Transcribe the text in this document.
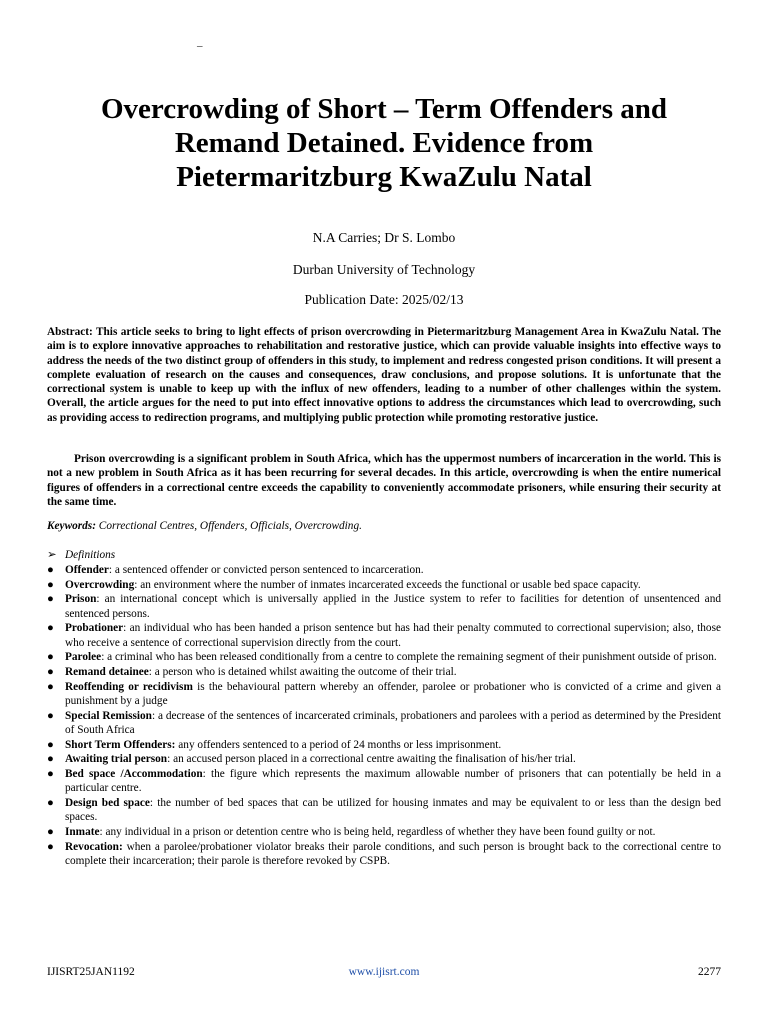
–
Overcrowding of Short – Term Offenders and
Remand Detained. Evidence from
Pietermaritzburg KwaZulu Natal
N.A Carries; Dr S. Lombo
Durban University of Technology
Publication Date: 2025/02/13
Abstract: This article seeks to bring to light effects of prison overcrowding in Pietermaritzburg Management Area in KwaZulu Natal. The aim is to explore innovative approaches to rehabilitation and restorative justice, which can provide valuable insights into effective ways to address the needs of the two distinct group of offenders in this study, to implement and redress congested prison conditions. It will present a complete evaluation of research on the causes and consequences, draw conclusions, and propose solutions. It is unfortunate that the correctional system is unable to keep up with the influx of new offenders, leading to a number of other challenges within the system. Overall, the article argues for the need to put into effect innovative options to address the circumstances which lead to overcrowding, such as providing access to redirection programs, and multiplying public protection while promoting restorative justice.
Prison overcrowding is a significant problem in South Africa, which has the uppermost numbers of incarceration in the world. This is not a new problem in South Africa as it has been recurring for several decades. In this article, overcrowding is when the entire numerical figures of offenders in a correctional centre exceeds the capability to conveniently accommodate prisoners, while ensuring their security at the same time.
Keywords: Correctional Centres, Offenders, Officials, Overcrowding.
➢ Definitions
● Offender: a sentenced offender or convicted person sentenced to incarceration.
● Overcrowding: an environment where the number of inmates incarcerated exceeds the functional or usable bed space capacity.
● Prison: an international concept which is universally applied in the Justice system to refer to facilities for detention of unsentenced and sentenced persons.
● Probationer: an individual who has been handed a prison sentence but has had their penalty commuted to correctional supervision; also, those who receive a sentence of correctional supervision directly from the court.
● Parolee: a criminal who has been released conditionally from a centre to complete the remaining segment of their punishment outside of prison.
● Remand detainee: a person who is detained whilst awaiting the outcome of their trial.
● Reoffending or recidivism is the behavioural pattern whereby an offender, parolee or probationer who is convicted of a crime and given a punishment by a judge
● Special Remission: a decrease of the sentences of incarcerated criminals, probationers and parolees with a period as determined by the President of South Africa
● Short Term Offenders: any offenders sentenced to a period of 24 months or less imprisonment.
● Awaiting trial person: an accused person placed in a correctional centre awaiting the finalisation of his/her trial.
● Bed space /Accommodation: the figure which represents the maximum allowable number of prisoners that can potentially be held in a particular centre.
● Design bed space: the number of bed spaces that can be utilized for housing inmates and may be equivalent to or less than the design bed spaces.
● Inmate: any individual in a prison or detention centre who is being held, regardless of whether they have been found guilty or not.
● Revocation: when a parolee/probationer violator breaks their parole conditions, and such person is brought back to the correctional centre to complete their incarceration; their parole is therefore revoked by CSPB.
IJISRT25JAN1192	www.ijisrt.com	2277
